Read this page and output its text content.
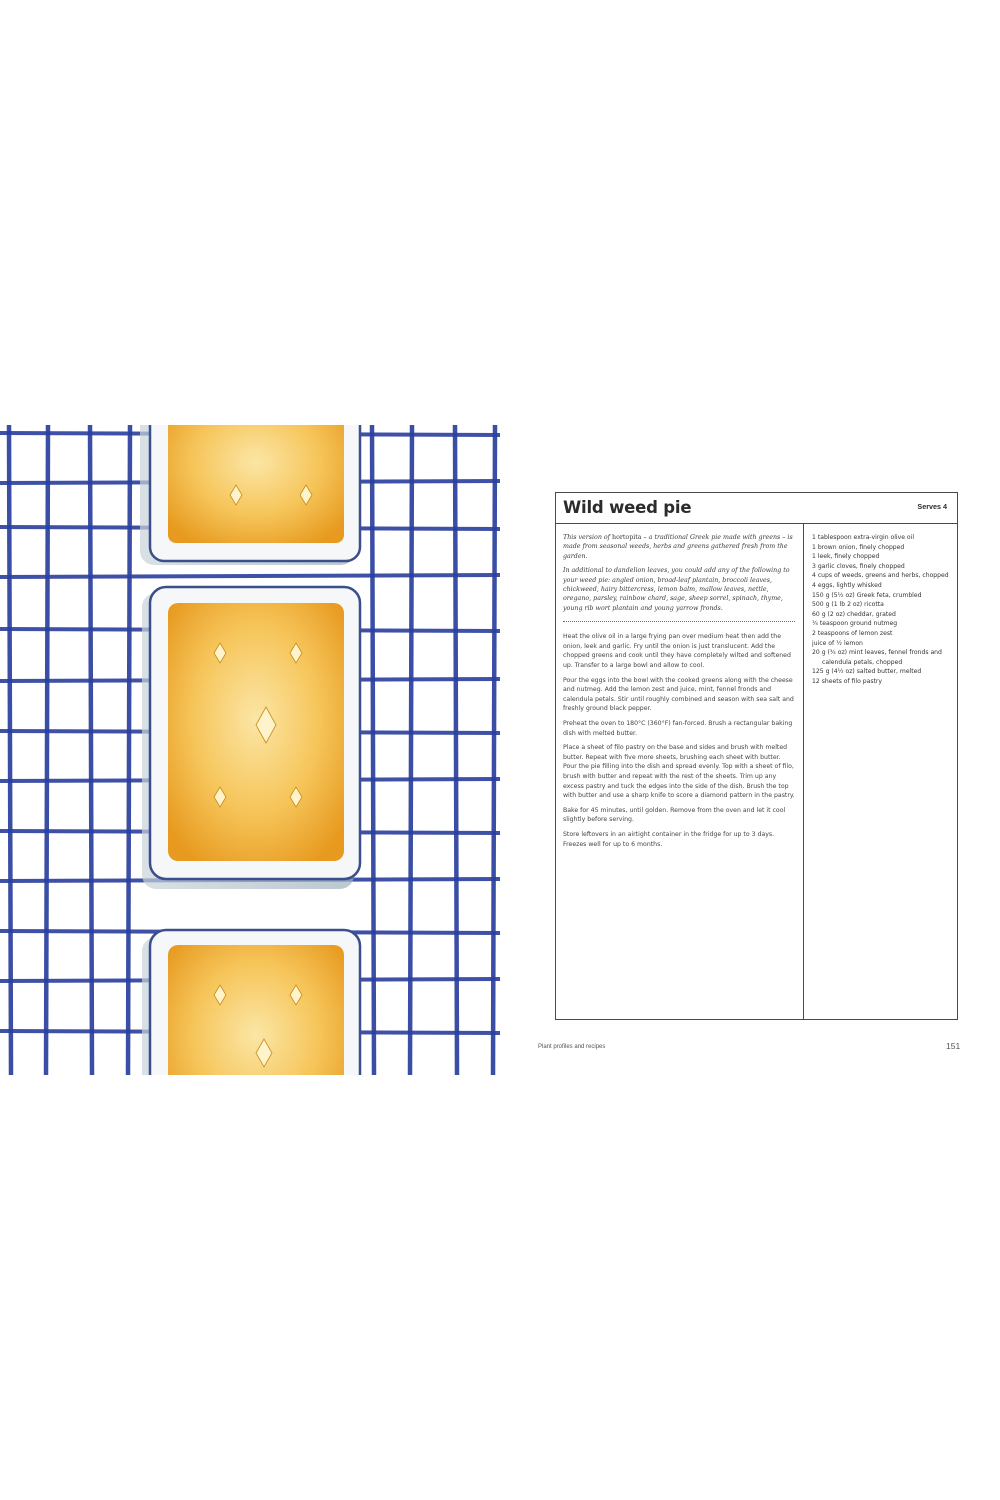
Wild weed pie	Serves 4

This version of hortopita – a traditional Greek pie made with greens – is made from seasonal weeds, herbs and greens gathered fresh from the garden.

In additional to dandelion leaves, you could add any of the following to your weed pie: angled onion, broad-leaf plantain, broccoli leaves, chickweed, hairy bittercress, lemon balm, mallow leaves, nettle, oregano, parsley, rainbow chard, sage, sheep sorrel, spinach, thyme, young rib wort plantain and young yarrow fronds.

Heat the olive oil in a large frying pan over medium heat then add the onion, leek and garlic. Fry until the onion is just translucent. Add the chopped greens and cook until they have completely wilted and softened up. Transfer to a large bowl and allow to cool.

Pour the eggs into the bowl with the cooked greens along with the cheese and nutmeg. Add the lemon zest and juice, mint, fennel fronds and calendula petals. Stir until roughly combined and season with sea salt and freshly ground black pepper.

Preheat the oven to 180°C (360°F) fan-forced. Brush a rectangular baking dish with melted butter.

Place a sheet of filo pastry on the base and sides and brush with melted butter. Repeat with five more sheets, brushing each sheet with butter. Pour the pie filling into the dish and spread evenly. Top with a sheet of filo, brush with butter and repeat with the rest of the sheets. Trim up any excess pastry and tuck the edges into the side of the dish. Brush the top with butter and use a sharp knife to score a diamond pattern in the pastry.

Bake for 45 minutes, until golden. Remove from the oven and let it cool slightly before serving.

Store leftovers in an airtight container in the fridge for up to 3 days. Freezes well for up to 6 months.

1 tablespoon extra-virgin olive oil
1 brown onion, finely chopped
1 leek, finely chopped
3 garlic cloves, finely chopped
4 cups of weeds, greens and herbs, chopped
4 eggs, lightly whisked
150 g (5½ oz) Greek feta, crumbled
500 g (1 lb 2 oz) ricotta
60 g (2 oz) cheddar, grated
¼ teaspoon ground nutmeg
2 teaspoons of lemon zest
juice of ½ lemon
20 g (¾ oz) mint leaves, fennel fronds and calendula petals, chopped
125 g (4½ oz) salted butter, melted
12 sheets of filo pastry
Plant profiles and recipes	151
